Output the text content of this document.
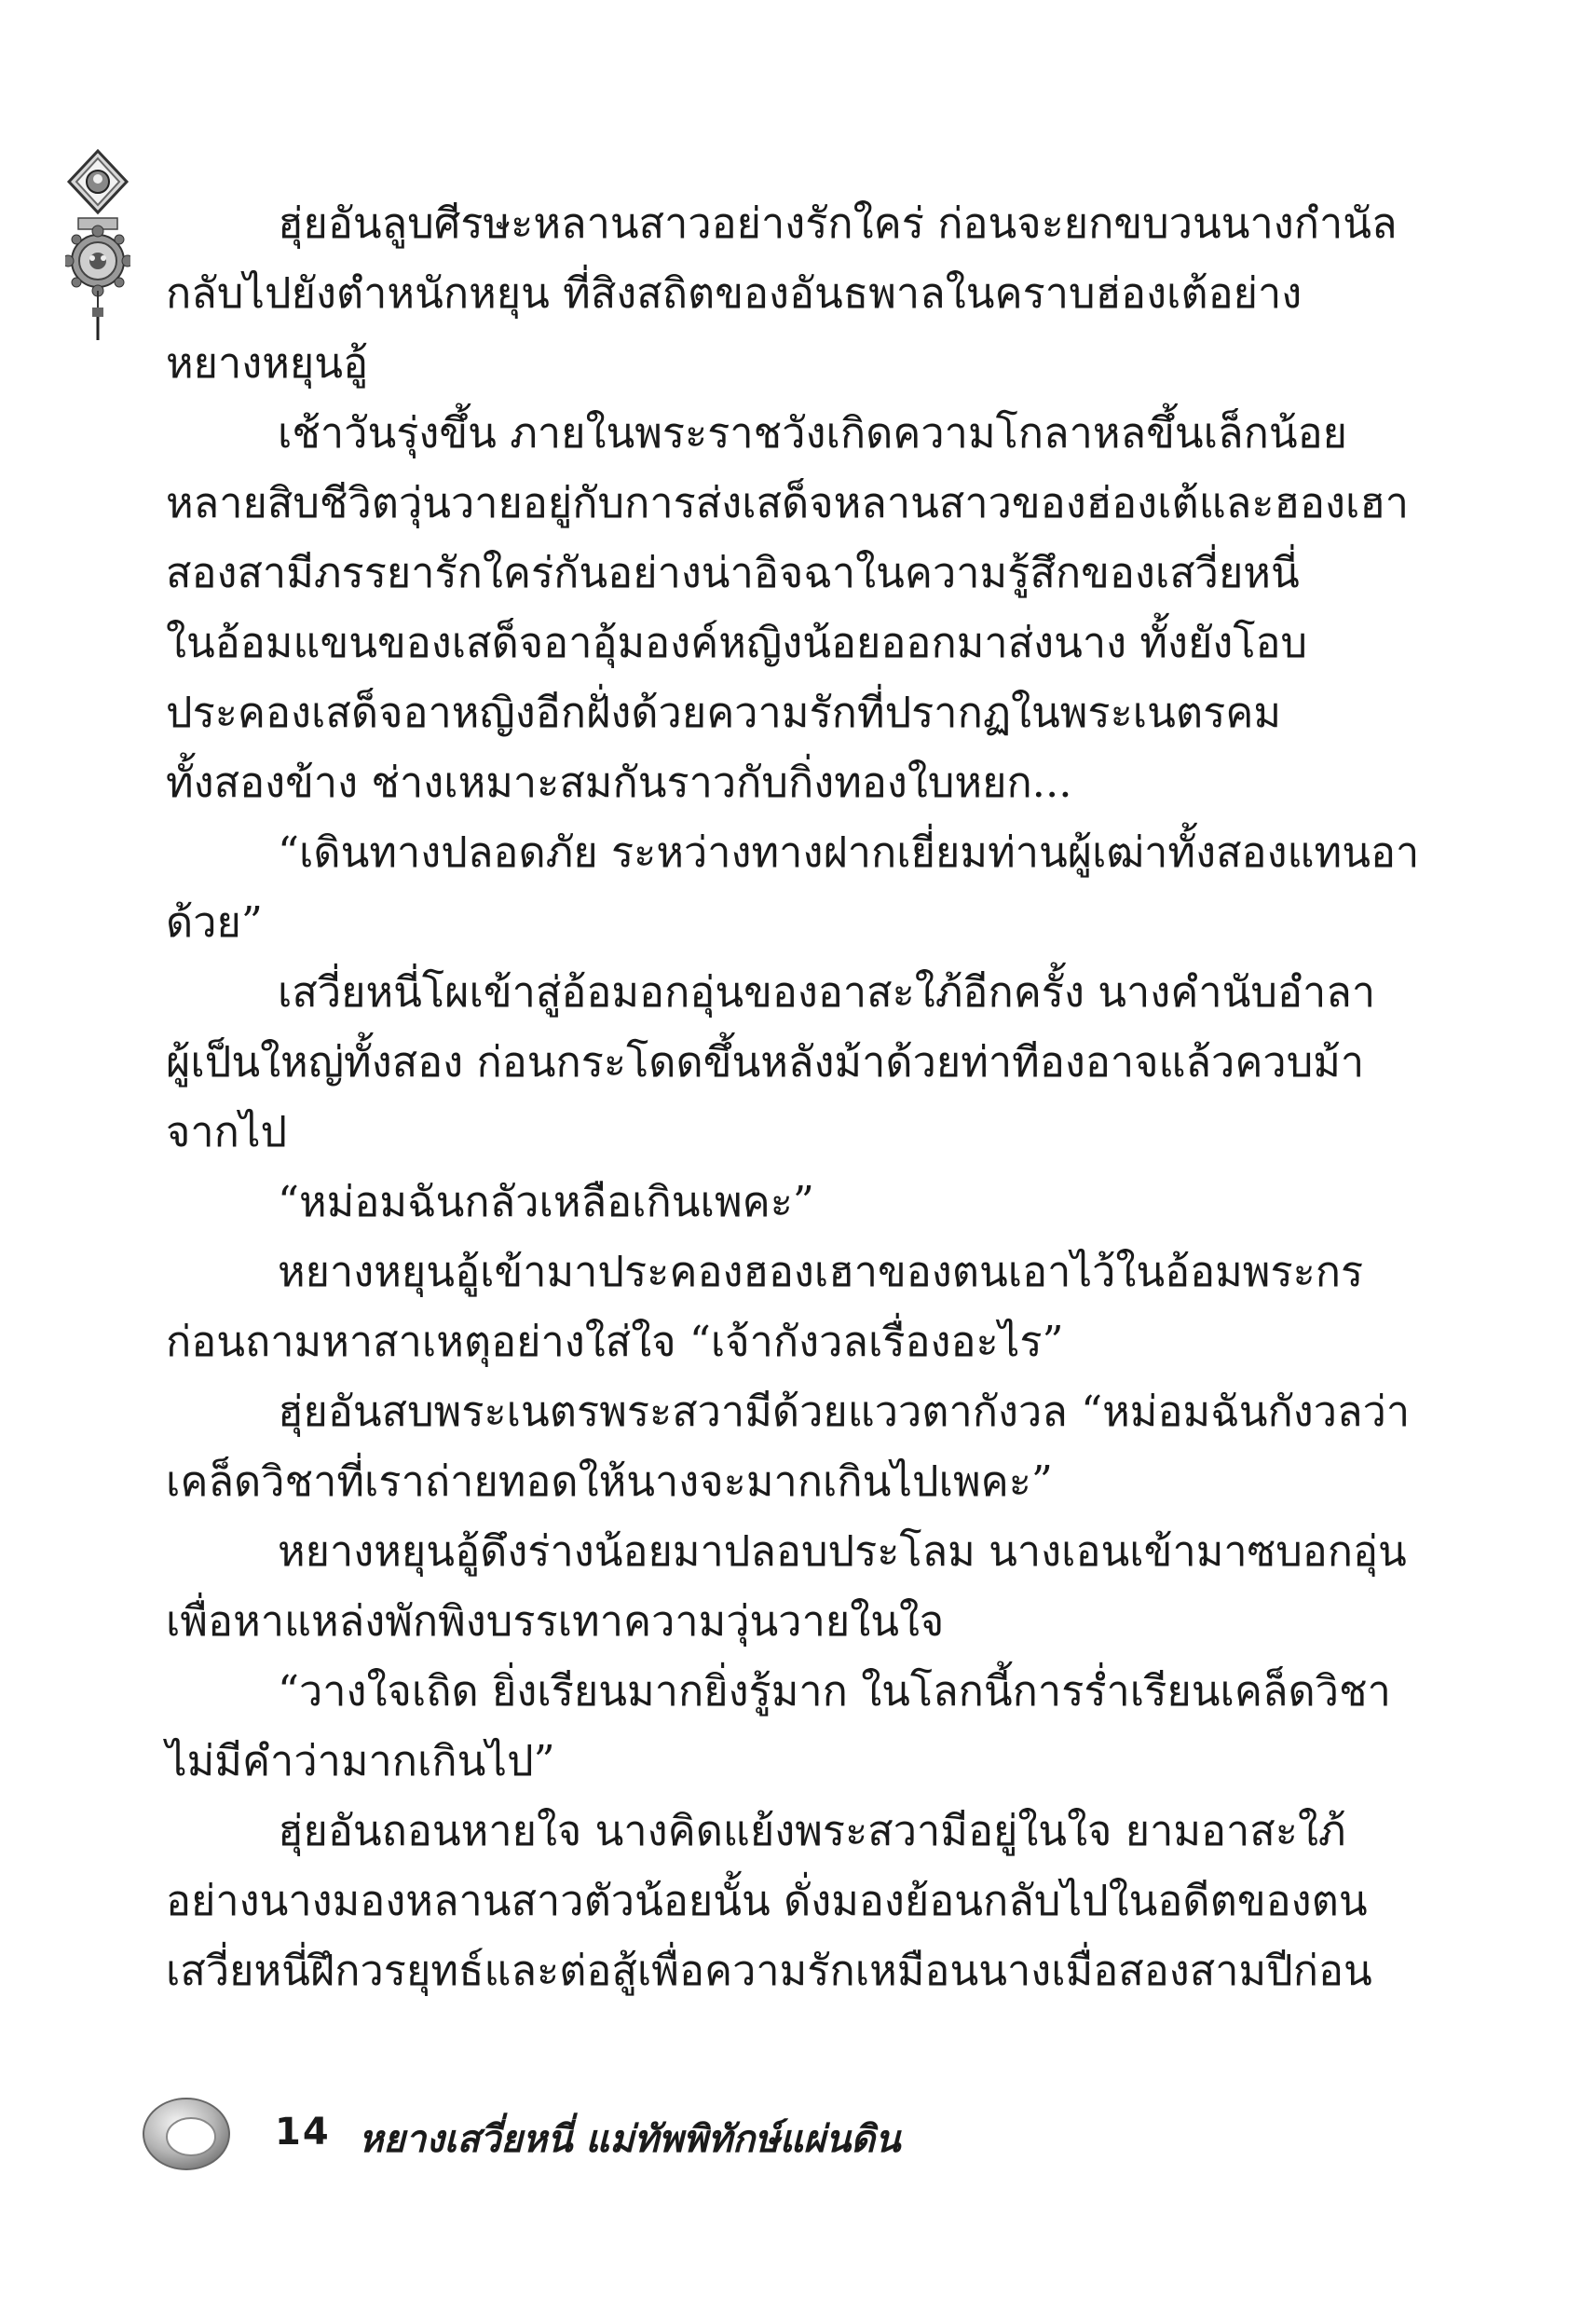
ฮุ่ยอันลูบศีรษะหลานสาวอย่างรักใคร่ ก่อนจะยกขบวนนางกำนัล
กลับไปยังตำหนักหยุน ที่สิงสถิตของอันธพาลในคราบฮ่องเต้อย่าง
หยางหยุนอู้
เช้าวันรุ่งขึ้น ภายในพระราชวังเกิดความโกลาหลขึ้นเล็กน้อย
หลายสิบชีวิตวุ่นวายอยู่กับการส่งเสด็จหลานสาวของฮ่องเต้และฮองเฮา
สองสามีภรรยารักใคร่กันอย่างน่าอิจฉาในความรู้สึกของเสวี่ยหนี่
ในอ้อมแขนของเสด็จอาอุ้มองค์หญิงน้อยออกมาส่งนาง ทั้งยังโอบ
ประคองเสด็จอาหญิงอีกฝั่งด้วยความรักที่ปรากฏในพระเนตรคม
ทั้งสองข้าง ช่างเหมาะสมกันราวกับกิ่งทองใบหยก...
“เดินทางปลอดภัย ระหว่างทางฝากเยี่ยมท่านผู้เฒ่าทั้งสองแทนอา
ด้วย”
เสวี่ยหนี่โผเข้าสู่อ้อมอกอุ่นของอาสะใภ้อีกครั้ง นางคำนับอำลา
ผู้เป็นใหญ่ทั้งสอง ก่อนกระโดดขึ้นหลังม้าด้วยท่าทีองอาจแล้วควบม้า
จากไป
“หม่อมฉันกลัวเหลือเกินเพคะ”
หยางหยุนอู้เข้ามาประคองฮองเฮาของตนเอาไว้ในอ้อมพระกร
ก่อนถามหาสาเหตุอย่างใส่ใจ “เจ้ากังวลเรื่องอะไร”
ฮุ่ยอันสบพระเนตรพระสวามีด้วยแววตากังวล “หม่อมฉันกังวลว่า
เคล็ดวิชาที่เราถ่ายทอดให้นางจะมากเกินไปเพคะ”
หยางหยุนอู้ดึงร่างน้อยมาปลอบประโลม นางเอนเข้ามาซบอกอุ่น
เพื่อหาแหล่งพักพิงบรรเทาความวุ่นวายในใจ
“วางใจเถิด ยิ่งเรียนมากยิ่งรู้มาก ในโลกนี้การร่ำเรียนเคล็ดวิชา
ไม่มีคำว่ามากเกินไป”
ฮุ่ยอันถอนหายใจ นางคิดแย้งพระสวามีอยู่ในใจ ยามอาสะใภ้
อย่างนางมองหลานสาวตัวน้อยนั้น ดั่งมองย้อนกลับไปในอดีตของตน
เสวี่ยหนี่ฝึกวรยุทธ์และต่อสู้เพื่อความรักเหมือนนางเมื่อสองสามปีก่อน
14 หยางเสวี่ยหนี่ แม่ทัพพิทักษ์แผ่นดิน
